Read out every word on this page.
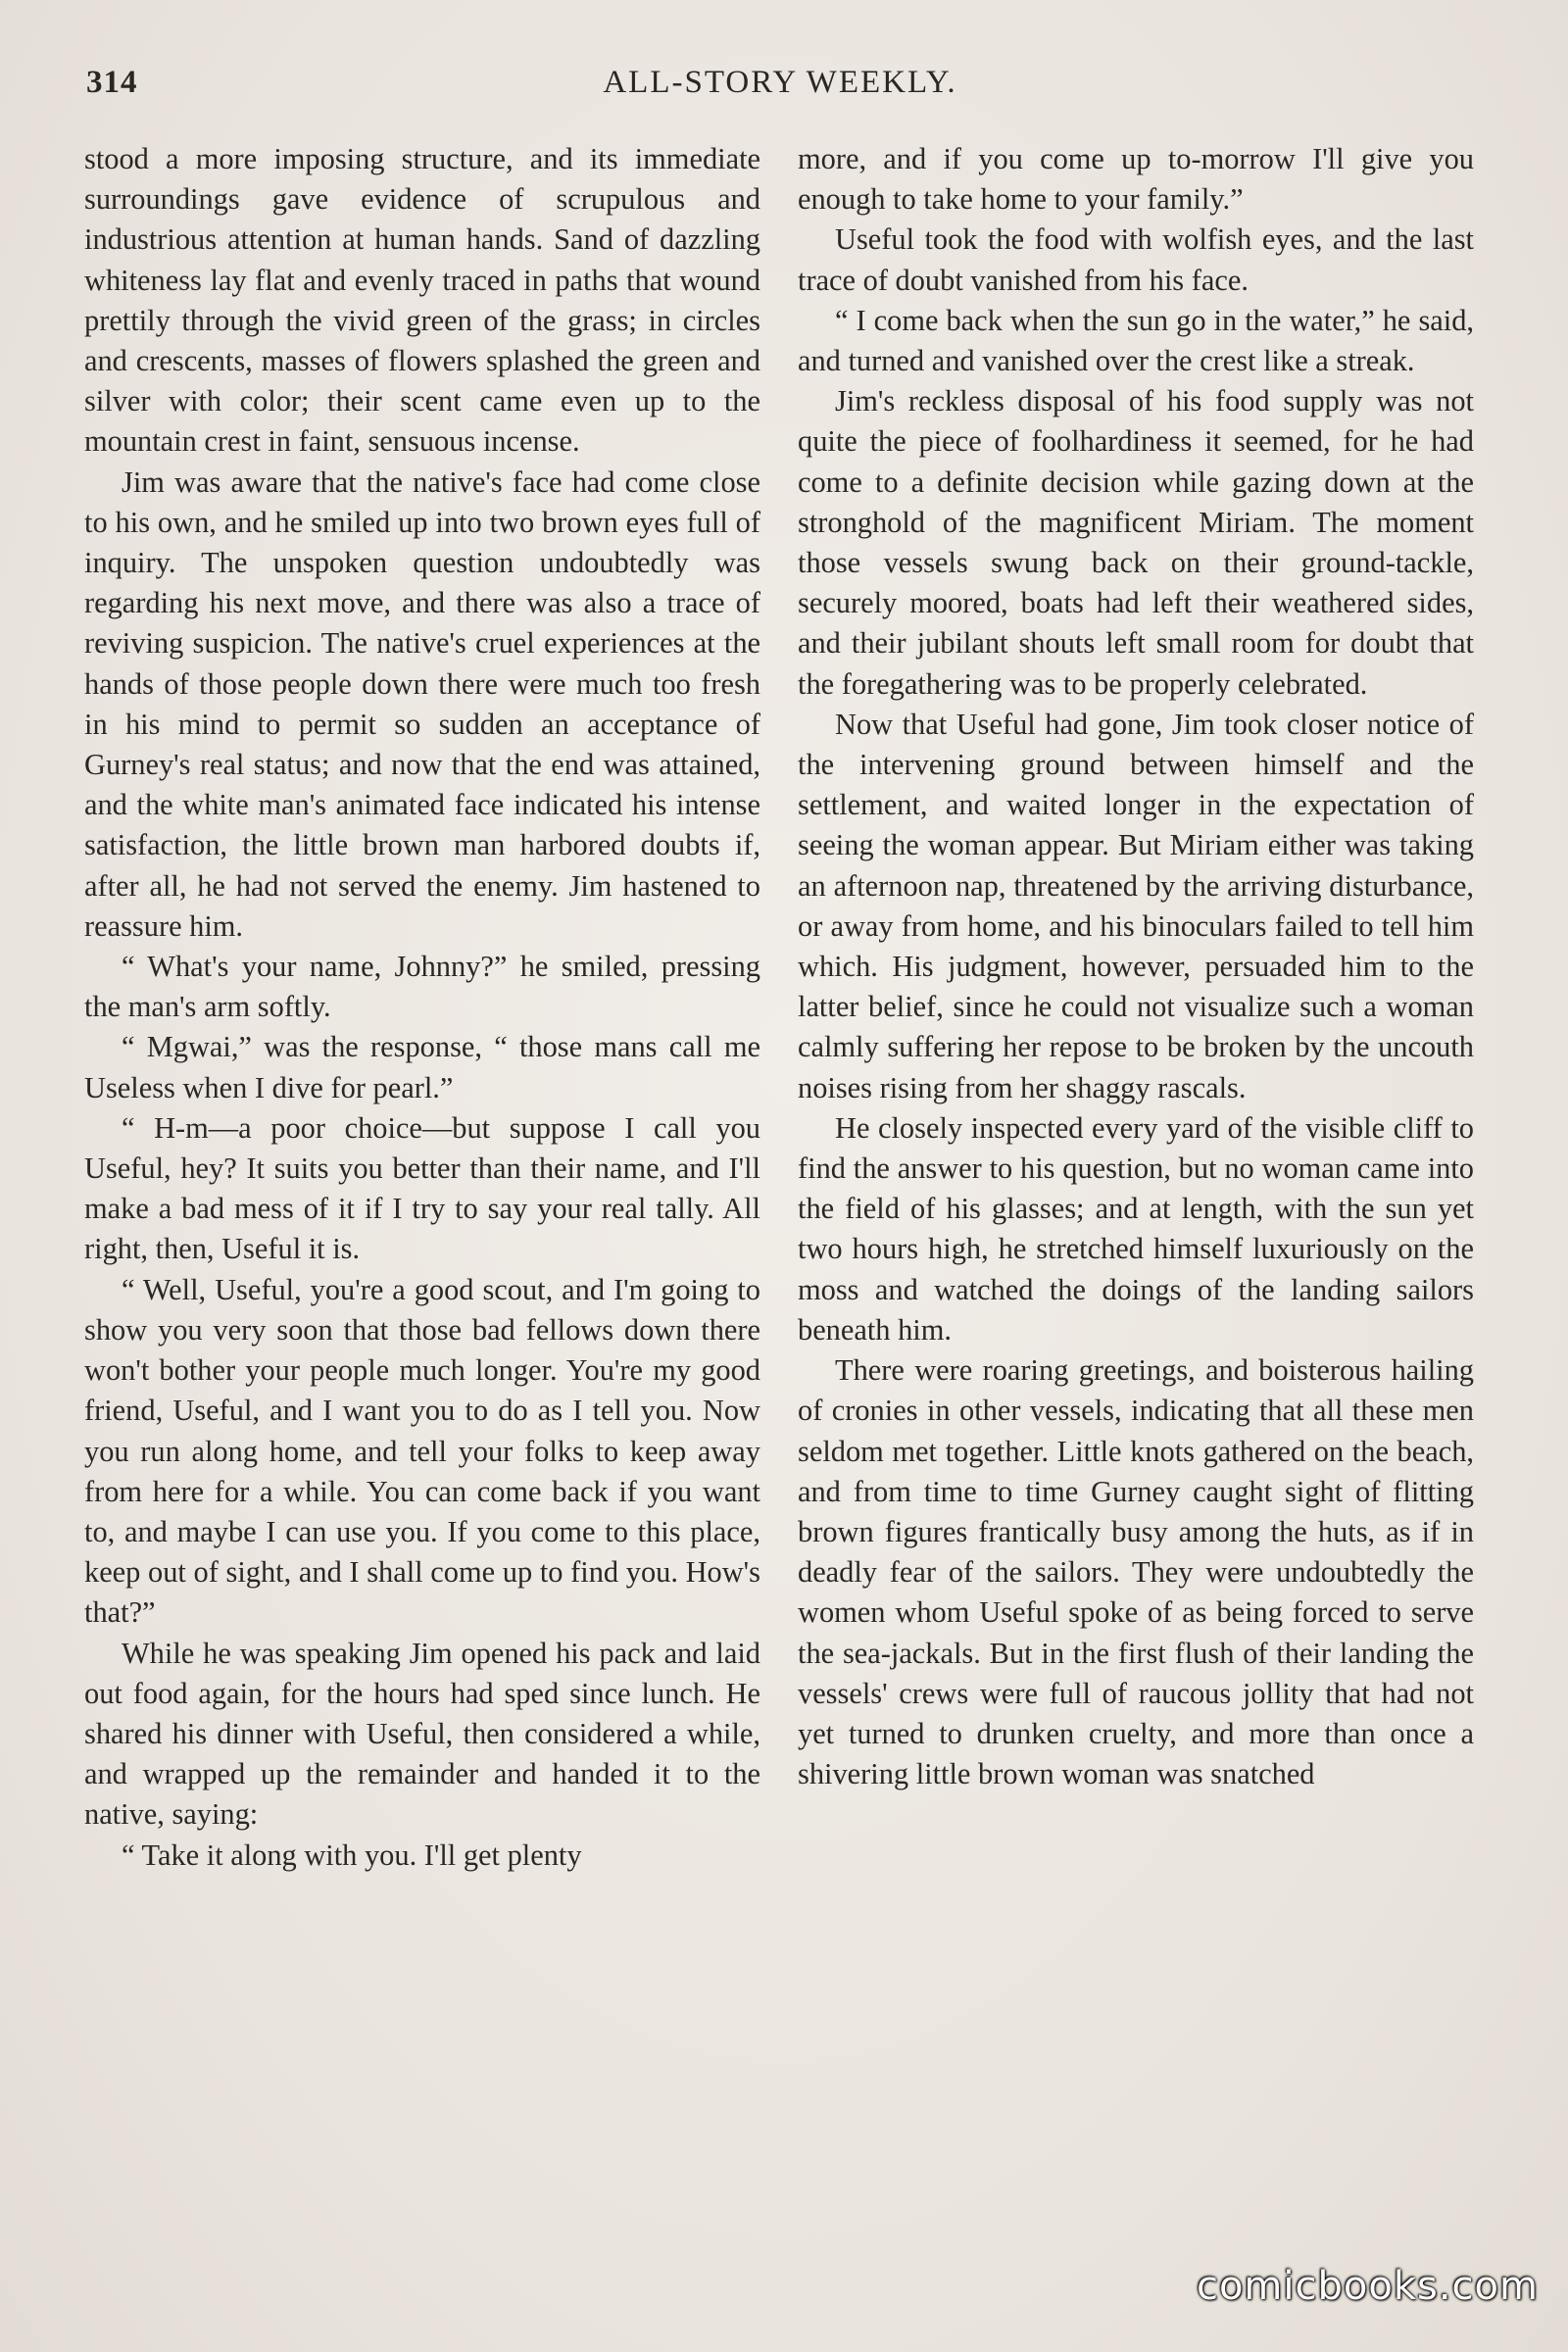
314	ALL-STORY WEEKLY.

stood a more imposing structure, and its immediate surroundings gave evidence of scrupulous and industrious attention at human hands. Sand of dazzling whiteness lay flat and evenly traced in paths that wound prettily through the vivid green of the grass; in circles and crescents, masses of flowers splashed the green and silver with color; their scent came even up to the mountain crest in faint, sensuous incense.

Jim was aware that the native's face had come close to his own, and he smiled up into two brown eyes full of inquiry. The unspoken question undoubtedly was regarding his next move, and there was also a trace of reviving suspicion. The native's cruel experiences at the hands of those people down there were much too fresh in his mind to permit so sudden an acceptance of Gurney's real status; and now that the end was attained, and the white man's animated face indicated his intense satisfaction, the little brown man harbored doubts if, after all, he had not served the enemy. Jim hastened to reassure him.

“ What's your name, Johnny?” he smiled, pressing the man's arm softly.

“ Mgwai,” was the response, “ those mans call me Useless when I dive for pearl.”

“ H-m—a poor choice—but suppose I call you Useful, hey? It suits you better than their name, and I'll make a bad mess of it if I try to say your real tally. All right, then, Useful it is.

“ Well, Useful, you're a good scout, and I'm going to show you very soon that those bad fellows down there won't bother your people much longer. You're my good friend, Useful, and I want you to do as I tell you. Now you run along home, and tell your folks to keep away from here for a while. You can come back if you want to, and maybe I can use you. If you come to this place, keep out of sight, and I shall come up to find you. How's that?”

While he was speaking Jim opened his pack and laid out food again, for the hours had sped since lunch. He shared his dinner with Useful, then considered a while, and wrapped up the remainder and handed it to the native, saying:

“ Take it along with you. I'll get plenty

more, and if you come up to-morrow I'll give you enough to take home to your family.”

Useful took the food with wolfish eyes, and the last trace of doubt vanished from his face.

“ I come back when the sun go in the water,” he said, and turned and vanished over the crest like a streak.

Jim's reckless disposal of his food supply was not quite the piece of foolhardiness it seemed, for he had come to a definite decision while gazing down at the stronghold of the magnificent Miriam. The moment those vessels swung back on their ground-tackle, securely moored, boats had left their weathered sides, and their jubilant shouts left small room for doubt that the foregathering was to be properly celebrated.

Now that Useful had gone, Jim took closer notice of the intervening ground between himself and the settlement, and waited longer in the expectation of seeing the woman appear. But Miriam either was taking an afternoon nap, threatened by the arriving disturbance, or away from home, and his binoculars failed to tell him which. His judgment, however, persuaded him to the latter belief, since he could not visualize such a woman calmly suffering her repose to be broken by the uncouth noises rising from her shaggy rascals.

He closely inspected every yard of the visible cliff to find the answer to his question, but no woman came into the field of his glasses; and at length, with the sun yet two hours high, he stretched himself luxuriously on the moss and watched the doings of the landing sailors beneath him.

There were roaring greetings, and boisterous hailing of cronies in other vessels, indicating that all these men seldom met together. Little knots gathered on the beach, and from time to time Gurney caught sight of flitting brown figures frantically busy among the huts, as if in deadly fear of the sailors. They were undoubtedly the women whom Useful spoke of as being forced to serve the sea-jackals. But in the first flush of their landing the vessels' crews were full of raucous jollity that had not yet turned to drunken cruelty, and more than once a shivering little brown woman was snatched

comicbooks.com
